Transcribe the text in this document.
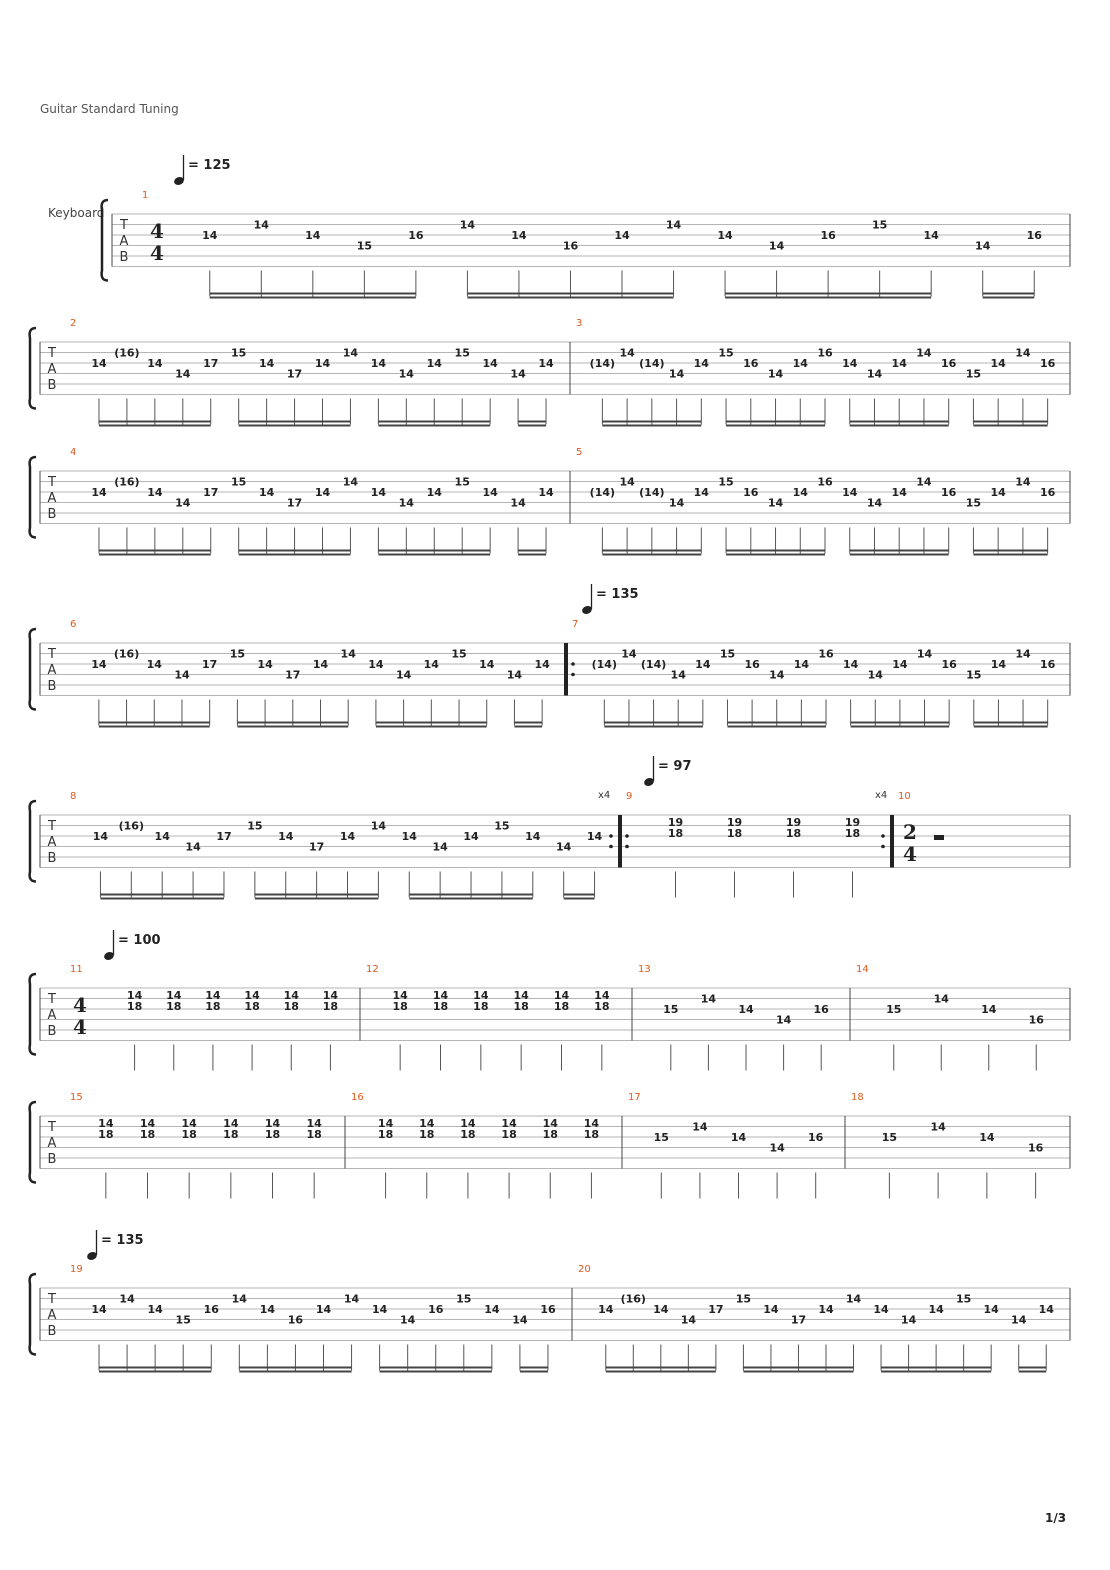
Guitar Standard Tuning
Keyboard
1/3
T
A
B
1
14
14
14
15
16
14
14
16
14
14
14
14
16
15
14
14
16
4
4
T
A
B
2
14
(16)
14
14
17
15
14
17
14
14
14
14
14
15
14
14
14
3
(14)
14
(14)
14
14
15
16
14
14
16
14
14
14
14
16
15
14
14
16
T
A
B
4
14
(16)
14
14
17
15
14
17
14
14
14
14
14
15
14
14
14
5
(14)
14
(14)
14
14
15
16
14
14
16
14
14
14
14
16
15
14
14
16
T
A
B
6
14
(16)
14
14
17
15
14
17
14
14
14
14
14
15
14
14
14
7
(14)
14
(14)
14
14
15
16
14
14
16
14
14
14
14
16
15
14
14
16
T
A
B
8
14
(16)
14
14
17
15
14
17
14
14
14
14
14
15
14
14
14
9
19
18
19
18
19
18
19
18
10
2
4
T
A
B
11
14
18
14
18
14
18
14
18
14
18
14
18
12
14
18
14
18
14
18
14
18
14
18
14
18
13
15
14
14
14
16
14
15
14
14
16
4
4
T
A
B
15
14
18
14
18
14
18
14
18
14
18
14
18
16
14
18
14
18
14
18
14
18
14
18
14
18
17
15
14
14
14
16
18
15
14
14
16
T
A
B
19
14
14
14
15
16
14
14
16
14
14
14
14
16
15
14
14
16
20
14
(16)
14
14
17
15
14
17
14
14
14
14
14
15
14
14
14
= 125
= 135
= 97
= 100
= 135
x4	x4
